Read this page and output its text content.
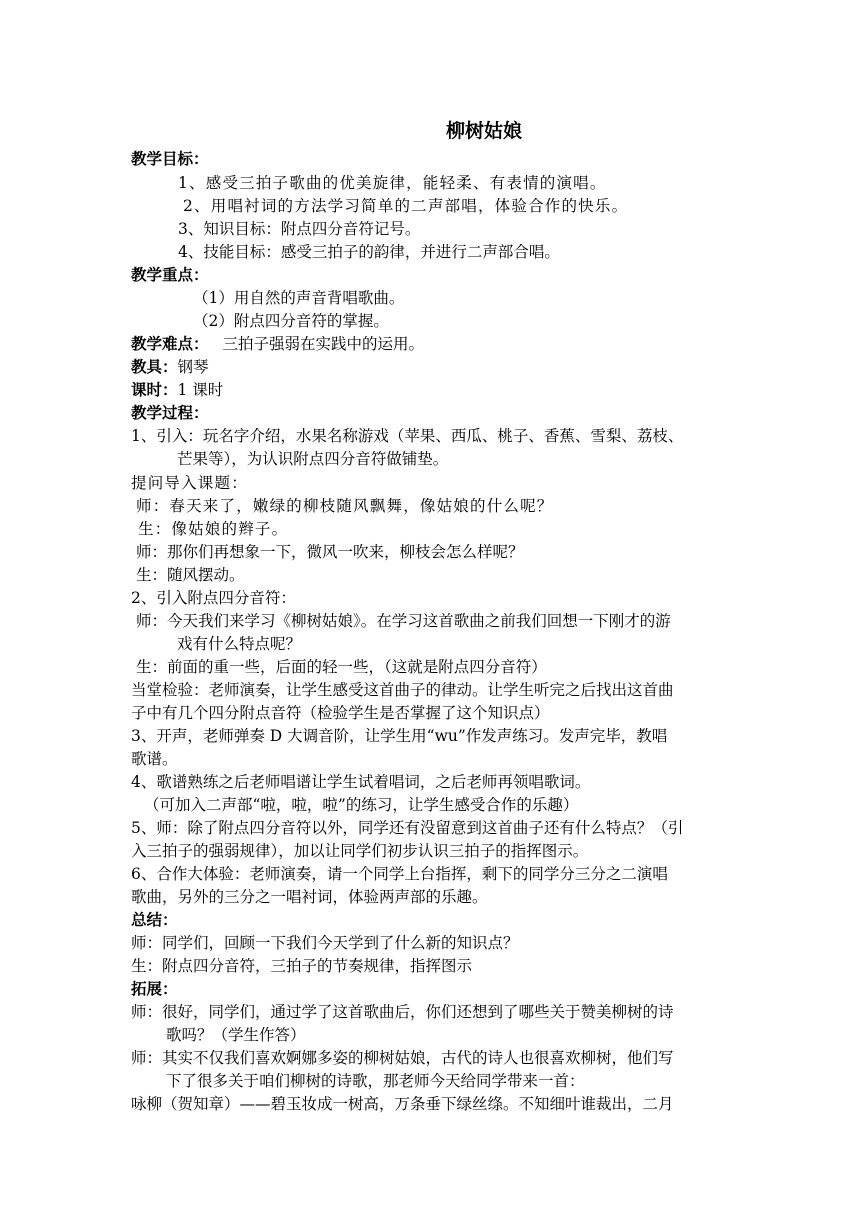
柳树姑娘
教学目标：
1、感受三拍子歌曲的优美旋律，能轻柔、有表情的演唱。
2、用唱衬词的方法学习简单的二声部唱，体验合作的快乐。
3、知识目标：附点四分音符记号。
4、技能目标：感受三拍子的韵律，并进行二声部合唱。
教学重点：
（1）用自然的声音背唱歌曲。
（2）附点四分音符的掌握。
教学难点： 三拍子强弱在实践中的运用。
教具：钢琴
课时：1 课时
教学过程：
1、引入：玩名字介绍，水果名称游戏（苹果、西瓜、桃子、香蕉、雪梨、荔枝、
芒果等），为认识附点四分音符做铺垫。
提问导入课题：
师：春天来了，嫩绿的柳枝随风飘舞，像姑娘的什么呢？
生：像姑娘的辫子。
师：那你们再想象一下，微风一吹来，柳枝会怎么样呢？
生：随风摆动。
2、引入附点四分音符：
师：今天我们来学习《柳树姑娘》。在学习这首歌曲之前我们回想一下刚才的游
戏有什么特点呢？
生：前面的重一些，后面的轻一些，（这就是附点四分音符）
当堂检验：老师演奏，让学生感受这首曲子的律动。让学生听完之后找出这首曲
子中有几个四分附点音符（检验学生是否掌握了这个知识点）
3、开声，老师弹奏 D 大调音阶，让学生用“wu”作发声练习。发声完毕，教唱
歌谱。
4、歌谱熟练之后老师唱谱让学生试着唱词，之后老师再领唱歌词。
（可加入二声部“啦，啦，啦”的练习，让学生感受合作的乐趣）
5、师：除了附点四分音符以外，同学还有没留意到这首曲子还有什么特点？（引
入三拍子的强弱规律），加以让同学们初步认识三拍子的指挥图示。
6、合作大体验：老师演奏，请一个同学上台指挥，剩下的同学分三分之二演唱
歌曲，另外的三分之一唱衬词，体验两声部的乐趣。
总结：
师：同学们，回顾一下我们今天学到了什么新的知识点？
生：附点四分音符，三拍子的节奏规律，指挥图示
拓展：
师：很好，同学们，通过学了这首歌曲后，你们还想到了哪些关于赞美柳树的诗
歌吗？（学生作答）
师：其实不仅我们喜欢婀娜多姿的柳树姑娘，古代的诗人也很喜欢柳树，他们写
下了很多关于咱们柳树的诗歌，那老师今天给同学带来一首：
咏柳（贺知章）——碧玉妆成一树高，万条垂下绿丝绦。不知细叶谁裁出，二月
